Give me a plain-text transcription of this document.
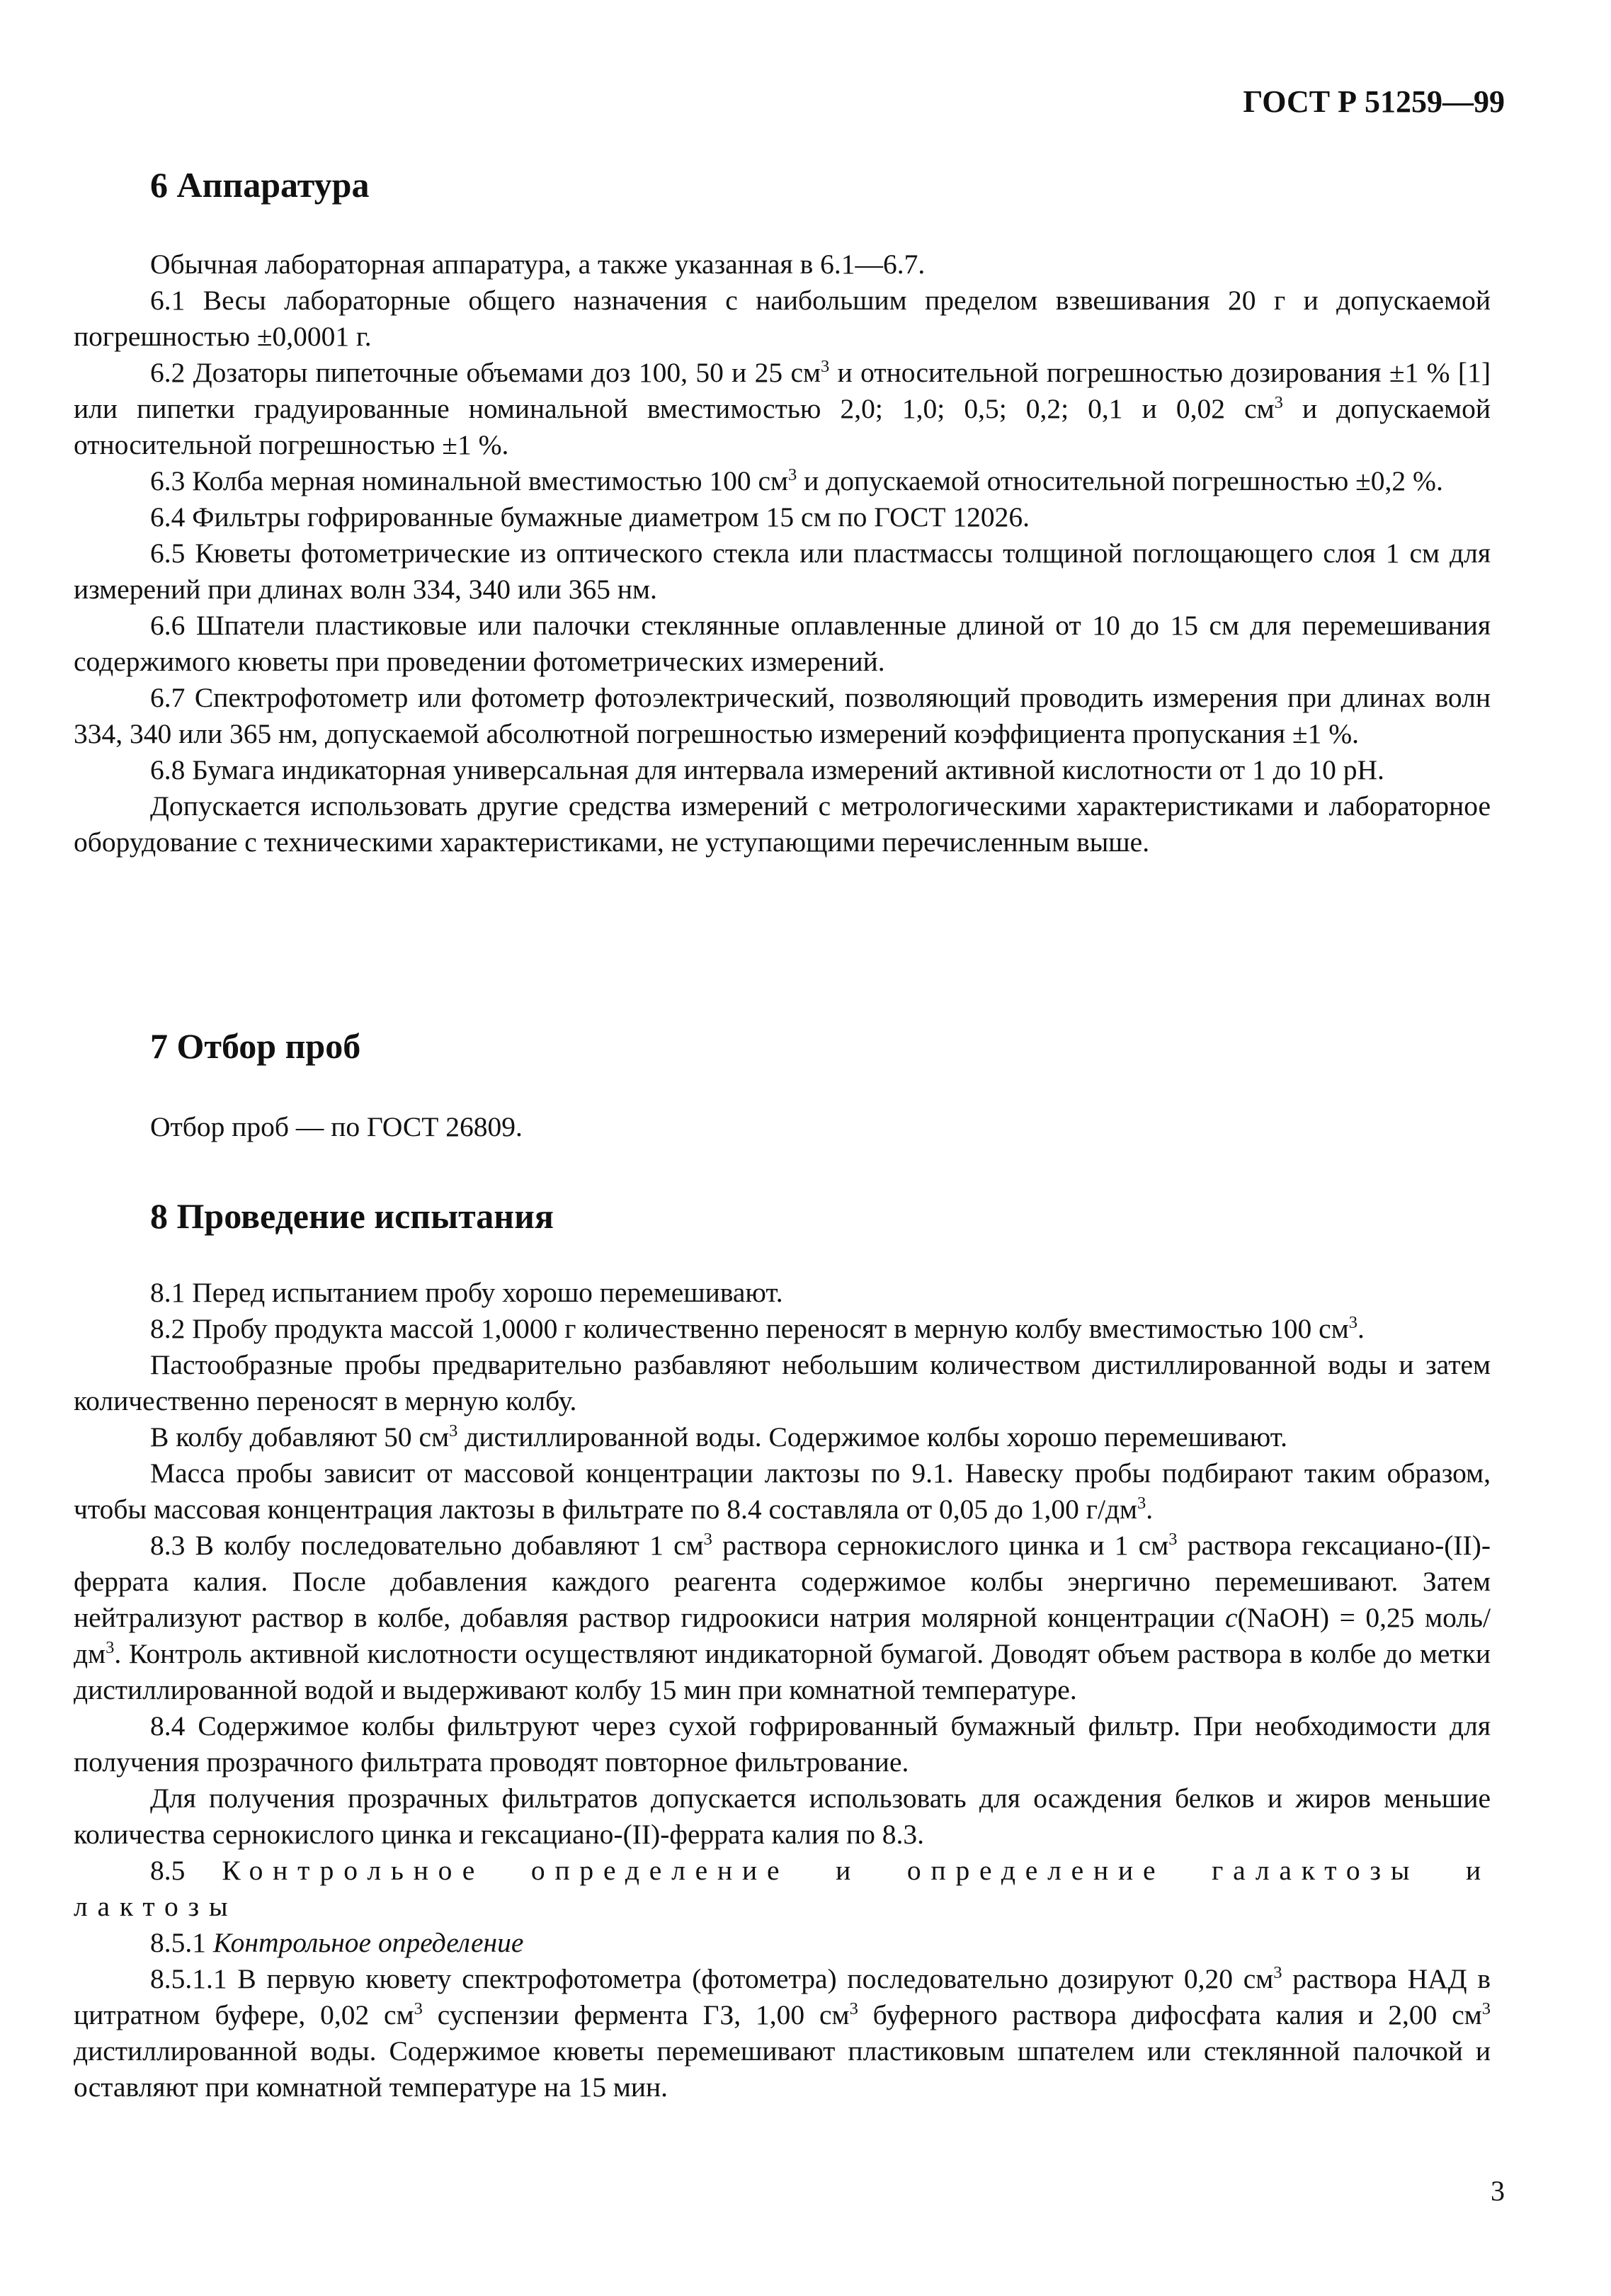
ГОСТ Р 51259—99
6 Аппаратура

Обычная лабораторная аппаратура, а также указанная в 6.1—6.7.

6.1 Весы лабораторные общего назначения с наибольшим пределом взвешивания 20 г и допускаемой погрешностью ±0,0001 г.

6.2 Дозаторы пипеточные объемами доз 100, 50 и 25 $см^3$ и относительной погрешностью дозирования ±1 % [1] или пипетки градуированные номинальной вместимостью 2,0; 1,0; 0,5; 0,2; 0,1 и 0,02 $см^3$ и допускаемой относительной погрешностью ±1 %.

6.3 Колба мерная номинальной вместимостью 100 $см^3$ и допускаемой относительной погрешностью ±0,2 %.

6.4 Фильтры гофрированные бумажные диаметром 15 см по ГОСТ 12026.

6.5 Кюветы фотометрические из оптического стекла или пластмассы толщиной поглощающего слоя 1 см для измерений при длинах волн 334, 340 или 365 нм.

6.6 Шпатели пластиковые или палочки стеклянные оплавленные длиной от 10 до 15 см для перемешивания содержимого кюветы при проведении фотометрических измерений.

6.7 Спектрофотометр или фотометр фотоэлектрический, позволяющий проводить измерения при длинах волн 334, 340 или 365 нм, допускаемой абсолютной погрешностью измерений коэффициента пропускания ±1 %.

6.8 Бумага индикаторная универсальная для интервала измерений активной кислотности от 1 до 10 pH.

Допускается использовать другие средства измерений с метрологическими характеристиками и лабораторное оборудование с техническими характеристиками, не уступающими перечисленным выше.

7 Отбор проб

Отбор проб — по ГОСТ 26809.

8 Проведение испытания

8.1 Перед испытанием пробу хорошо перемешивают.

8.2 Пробу продукта массой 1,0000 г количественно переносят в мерную колбу вместимостью 100 $см^3$.

Пастообразные пробы предварительно разбавляют небольшим количеством дистиллированной воды и затем количественно переносят в мерную колбу.

В колбу добавляют 50 $см^3$ дистиллированной воды. Содержимое колбы хорошо перемешивают.

Масса пробы зависит от массовой концентрации лактозы по 9.1. Навеску пробы подбирают таким образом, чтобы массовая концентрация лактозы в фильтрате по 8.4 составляла от 0,05 до 1,00 $г/дм^3$.

8.3 В колбу последовательно добавляют 1 $см^3$ раствора сернокислого цинка и 1 $см^3$ раствора гексациано-(II)-феррата калия. После добавления каждого реагента содержимое колбы энергично перемешивают. Затем нейтрализуют раствор в колбе, добавляя раствор гидроокиси натрия молярной концентрации c(NaOH) = 0,25 моль/$дм^3$. Контроль активной кислотности осуществляют индикаторной бумагой. Доводят объем раствора в колбе до метки дистиллированной водой и выдерживают колбу 15 мин при комнатной температуре.

8.4 Содержимое колбы фильтруют через сухой гофрированный бумажный фильтр. При необходимости для получения прозрачного фильтрата проводят повторное фильтрование.

Для получения прозрачных фильтратов допускается использовать для осаждения белков и жиров меньшие количества сернокислого цинка и гексациано-(II)-феррата калия по 8.3.

8.5 Контрольное определение и определение галактозы и лактозы

8.5.1 Контрольное определение

8.5.1.1 В первую кювету спектрофотометра (фотометра) последовательно дозируют 0,20 $см^3$ раствора НАД в цитратном буфере, 0,02 $см^3$ суспензии фермента ГЗ, 1,00 $см^3$ буферного раствора дифосфата калия и 2,00 $см^3$ дистиллированной воды. Содержимое кюветы перемешивают пластиковым шпателем или стеклянной палочкой и оставляют при комнатной температуре на 15 мин.

3
